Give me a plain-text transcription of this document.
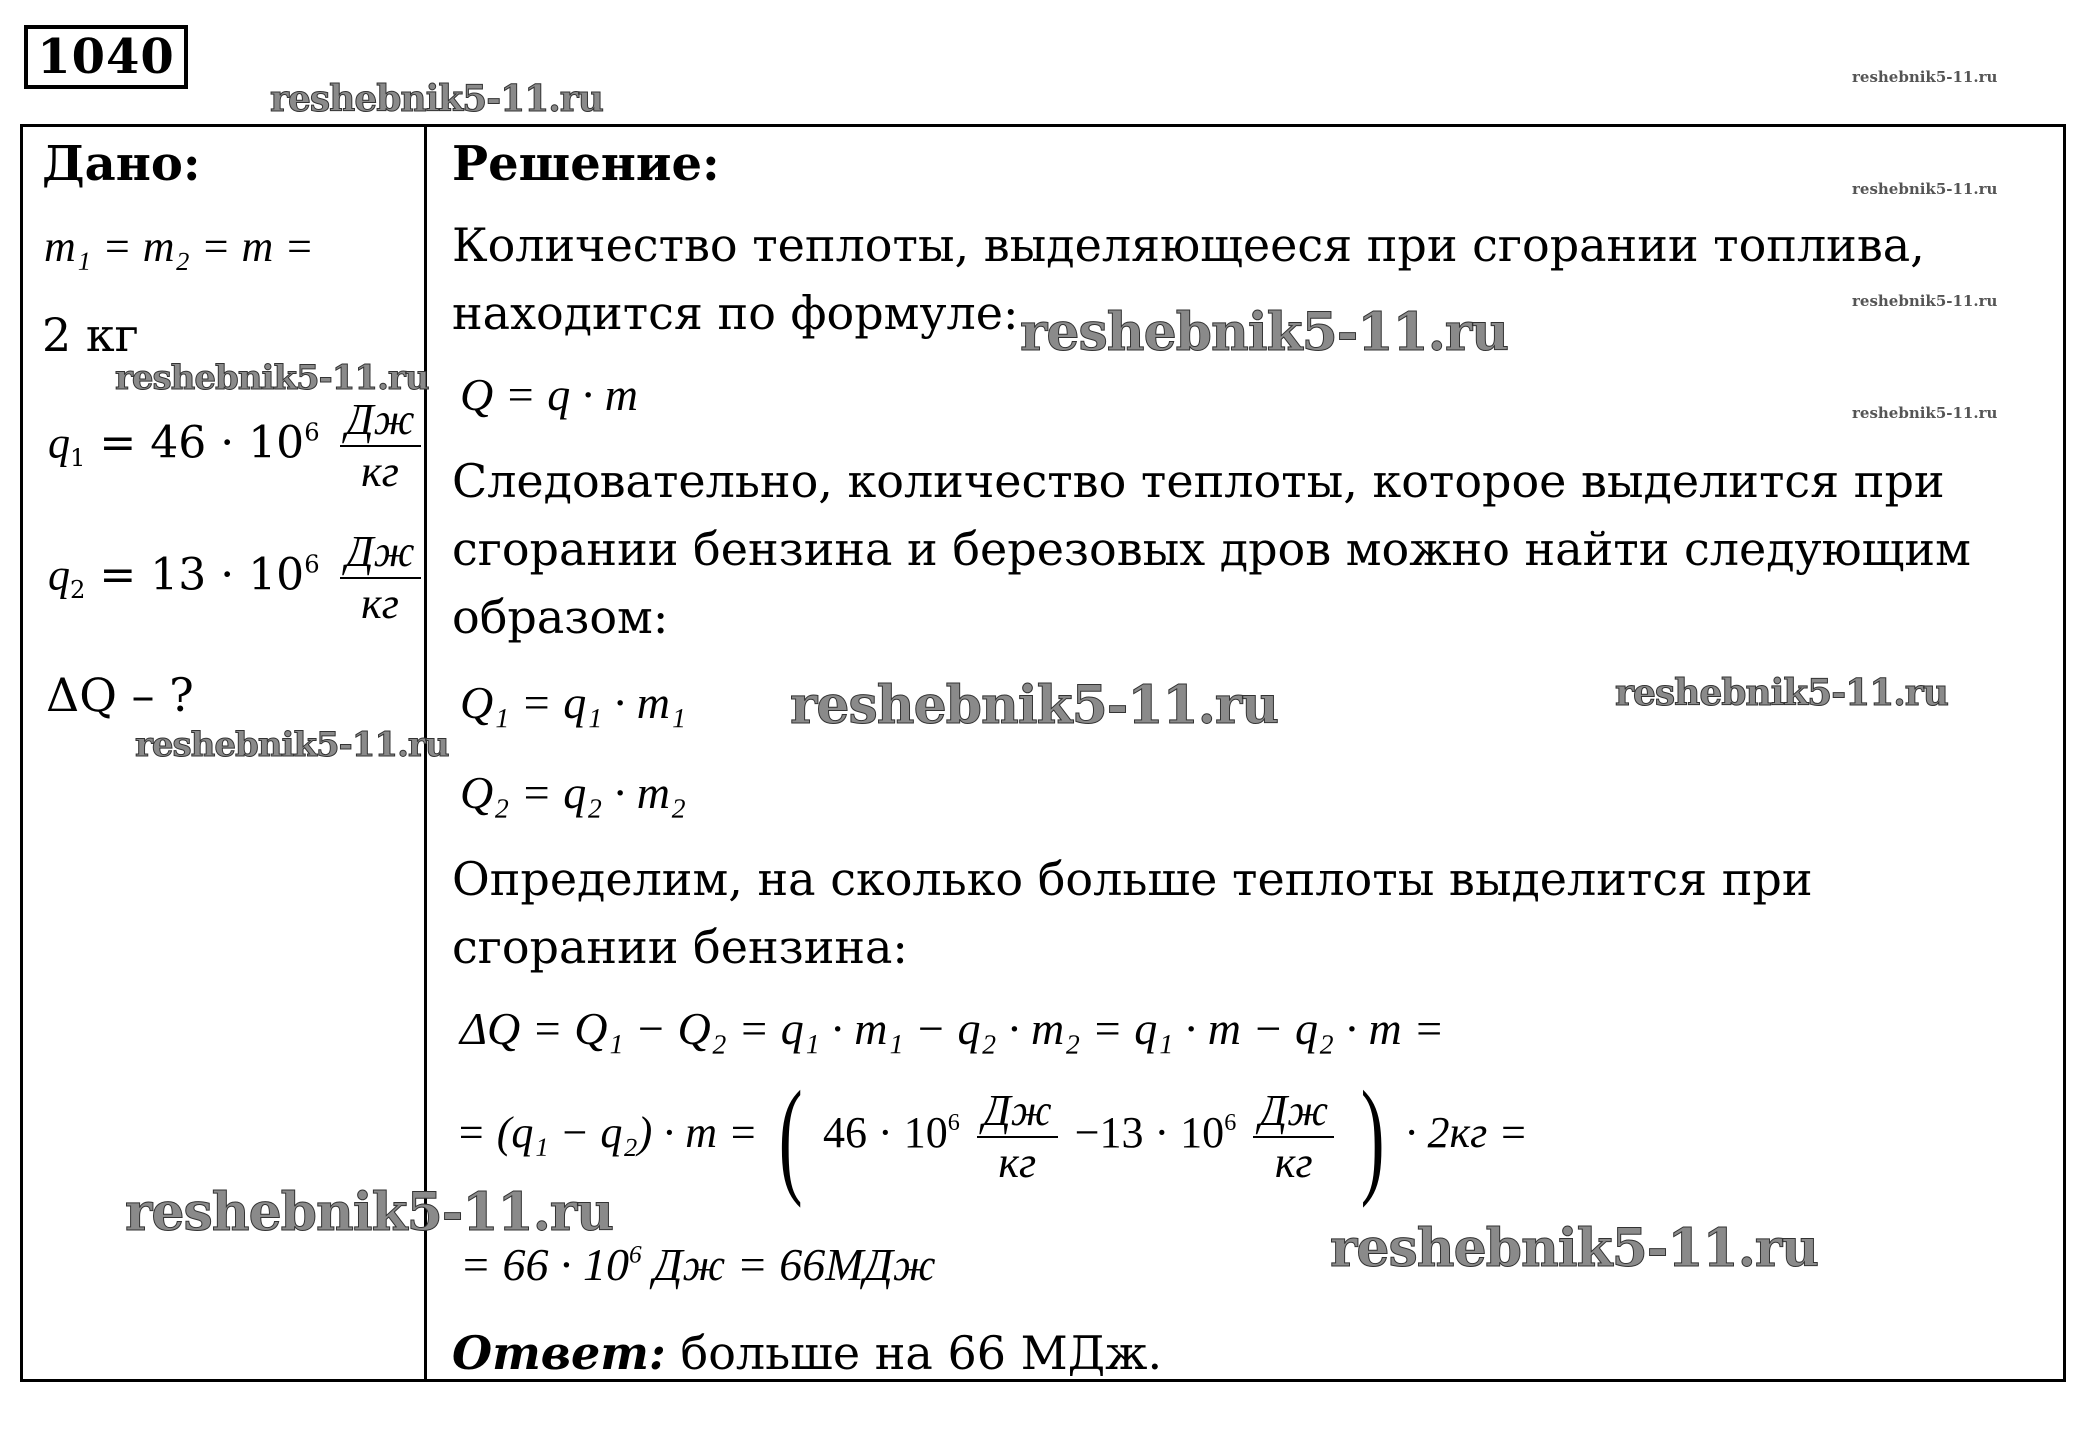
1040
Дано:
m₁ = m₂ = m =
2 кг
$q_1 = 46 \cdot 10^6 \frac{Дж}{кг}$
$q_2 = 13 \cdot 10^6 \frac{Дж}{кг}$
ΔQ – ?
Решение:
Количество теплоты, выделяющееся при сгорании топлива,
находится по формуле:
Q = q · m
Следовательно, количество теплоты, которое выделится при
сгорании бензина и березовых дров можно найти следующим
образом:
Q₁ = q₁ · m₁
Q₂ = q₂ · m₂
Определим, на сколько больше теплоты выделится при
сгорании бензина:
ΔQ = Q₁ − Q₂ = q₁ · m₁ − q₂ · m₂ = q₁ · m − q₂ · m =
= (q₁ − q₂) · m = ( $46 \cdot 10^6 \frac{Дж}{кг} -13 \cdot 10^6 \frac{Дж}{кг}$ ) · 2кг =
= $66 \cdot 10^6$ Дж = 66МДж
Ответ: больше на 66 МДж.
reshebnik5-11.ru
reshebnik5-11.ru
reshebnik5-11.ru
reshebnik5-11.ru	reshebnik5-11.ru
reshebnik5-11.ru
reshebnik5-11.ru
reshebnik5-11.ru
reshebnik5-11.ru
reshebnik5-11.ru
reshebnik5-11.ru
reshebnik5-11.ru
